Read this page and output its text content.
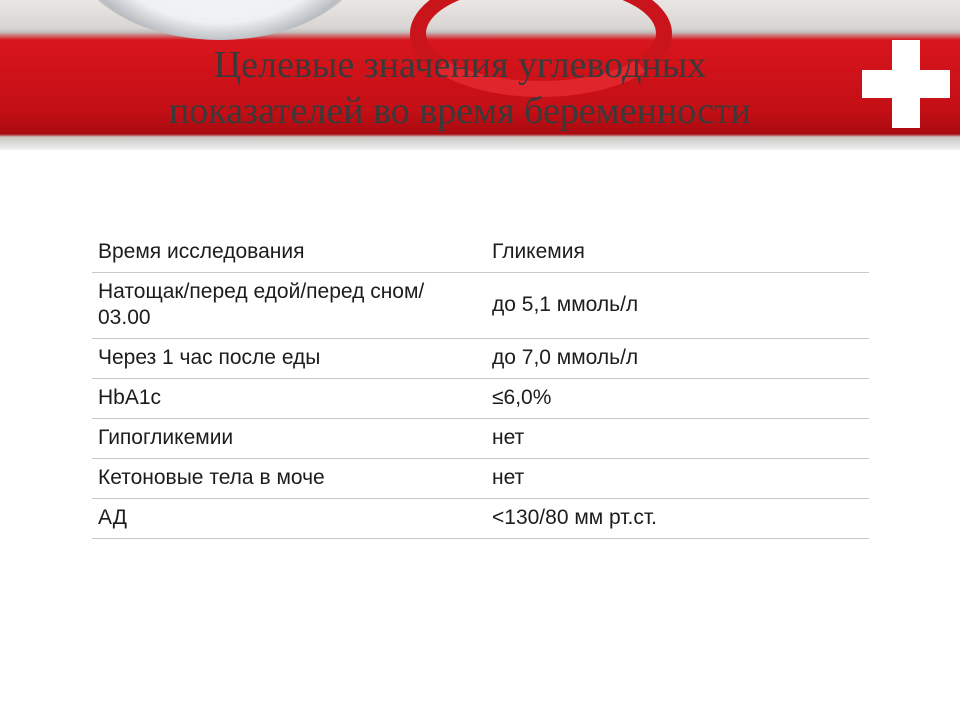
Целевые значения углеводных
показателей во время беременности
Время исследования	Гликемия
Натощак/перед едой/перед сном/ 03.00	до 5,1 ммоль/л
Через 1 час после еды	до 7,0 ммоль/л
HbA1c	≤6,0%
Гипогликемии	нет
Кетоновые тела в моче	нет
АД	<130/80 мм рт.ст.
